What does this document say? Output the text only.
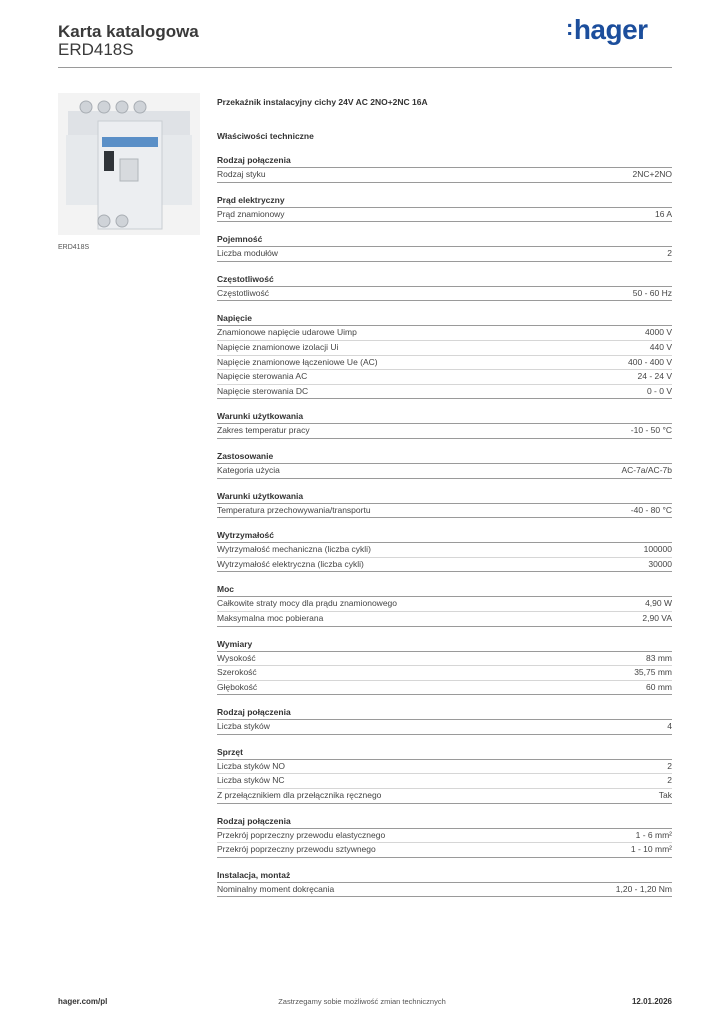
Karta katalogowa
ERD418S
:hager
ERD418S
Przekaźnik instalacyjny cichy 24V AC 2NO+2NC 16A
Właściwości techniczne
Rodzaj połączenia
Rodzaj styku	2NC+2NO
Prąd elektryczny
Prąd znamionowy	16 A
Pojemność
Liczba modułów	2
Częstotliwość
Częstotliwość	50 - 60 Hz
Napięcie
Znamionowe napięcie udarowe Uimp	4000 V
Napięcie znamionowe izolacji Ui	440 V
Napięcie znamionowe łączeniowe Ue (AC)	400 - 400 V
Napięcie sterowania AC	24 - 24 V
Napięcie sterowania DC	0 - 0 V
Warunki użytkowania
Zakres temperatur pracy	-10 - 50 °C
Zastosowanie
Kategoria użycia	AC-7a/AC-7b
Warunki użytkowania
Temperatura przechowywania/transportu	-40 - 80 °C
Wytrzymałość
Wytrzymałość mechaniczna (liczba cykli)	100000
Wytrzymałość elektryczna (liczba cykli)	30000
Moc
Całkowite straty mocy dla prądu znamionowego	4,90 W
Maksymalna moc pobierana	2,90 VA
Wymiary
Wysokość	83 mm
Szerokość	35,75 mm
Głębokość	60 mm
Rodzaj połączenia
Liczba styków	4
Sprzęt
Liczba styków NO	2
Liczba styków NC	2
Z przełącznikiem dla przełącznika ręcznego	Tak
Rodzaj połączenia
Przekrój poprzeczny przewodu elastycznego	1 - 6 mm²
Przekrój poprzeczny przewodu sztywnego	1 - 10 mm²
Instalacja, montaż
Nominalny moment dokręcania	1,20 - 1,20 Nm
hager.com/pl	Zastrzegamy sobie możliwość zmian technicznych	12.01.2026
